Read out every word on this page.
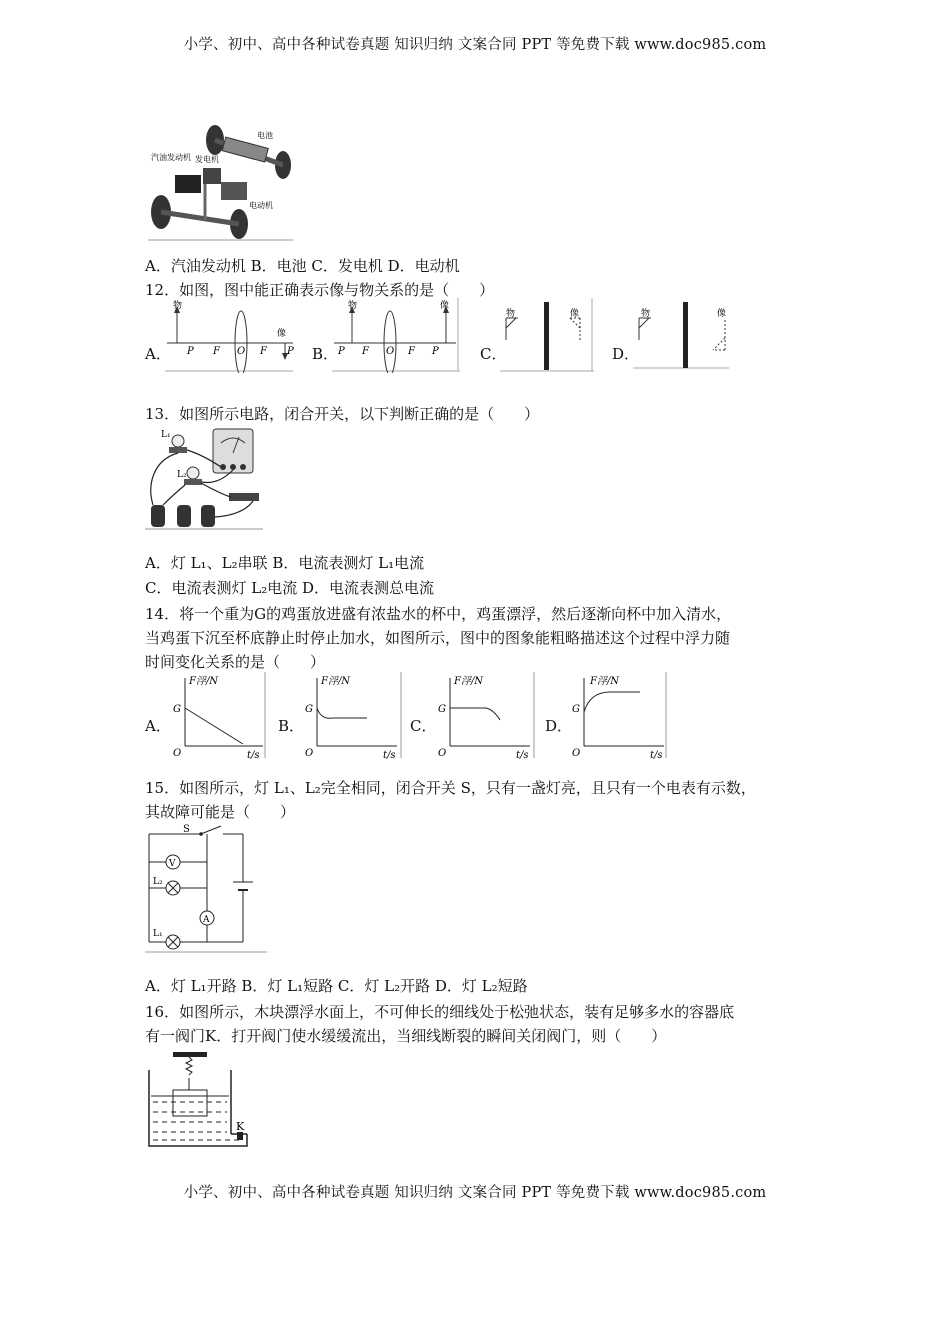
小学、初中、高中各种试卷真题 知识归纳 文案合同 PPT 等免费下载 www.doc985.com
汽油发动机 发电机
电池
电动机
A．汽油发动机 B．电池 C．发电机 D．电动机
12．如图，图中能正确表示像与物关系的是（　　）
A．
物
像
P F O F P B．
物	像
P F O F P	C．
物	像
D．
物	像
13．如图所示电路，闭合开关，以下判断正确的是（　　）
L₁
L₂
A．灯 L₁、L₂串联 B．电流表测灯 L₁电流
C．电流表测灯 L₂电流 D．电流表测总电流
14．将一个重为G的鸡蛋放进盛有浓盐水的杯中，鸡蛋漂浮，然后逐渐向杯中加入清水，
当鸡蛋下沉至杯底静止时停止加水，如图所示，图中的图象能粗略描述这个过程中浮力随
时间变化关系的是（　　）
A．
F浮/N
G
O	t/s
B．
F浮/N
G
O	t/s
C．
F浮/N
G
O	t/s
D．
F浮/N
G
O	t/s
15．如图所示，灯 L₁、L₂完全相同，闭合开关 S，只有一盏灯亮，且只有一个电表有示数，
其故障可能是（　　）
S
V
A
L₂
L₁
A．灯 L₁开路 B．灯 L₁短路 C．灯 L₂开路 D．灯 L₂短路
16．如图所示，木块漂浮水面上，不可伸长的细线处于松弛状态，装有足够多水的容器底
有一阀门K．打开阀门使水缓缓流出，当细线断裂的瞬间关闭阀门，则（　　）
K
小学、初中、高中各种试卷真题 知识归纳 文案合同 PPT 等免费下载 www.doc985.com
